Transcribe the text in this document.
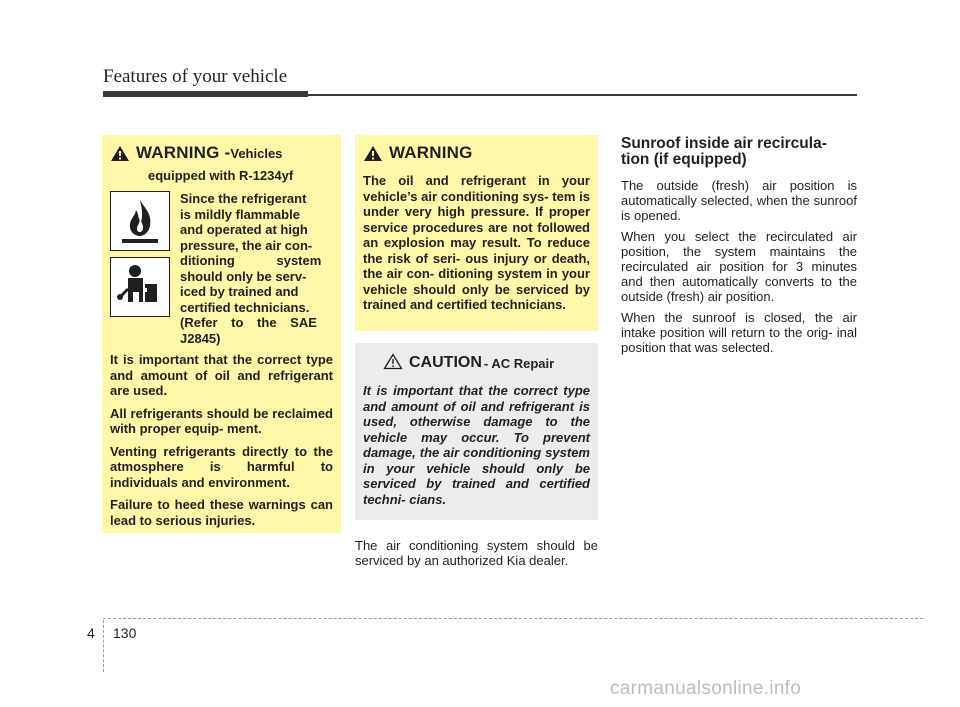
Features of your vehicle
WARNING - Vehicles
equipped with R-1234yf
Since the refrigerant
is mildly flammable
and operated at high
pressure, the air con-
ditioning system
should only be serv-
iced by trained and
certified technicians.
(Refer to the SAE
J2845)

It is important that the correct type and amount of oil and refrigerant are used.

All refrigerants should be reclaimed with proper equip- ment.

Venting refrigerants directly to the atmosphere is harmful to individuals and environment.

Failure to heed these warnings can lead to serious injuries.

WARNING

The oil and refrigerant in your vehicle’s air conditioning sys- tem is under very high pressure. If proper service procedures are not followed an explosion may result. To reduce the risk of seri- ous injury or death, the air con- ditioning system in your vehicle should only be serviced by trained and certified technicians.

CAUTION - AC Repair

It is important that the correct type and amount of oil and refrigerant is used, otherwise damage to the vehicle may occur. To prevent damage, the air conditioning system in your vehicle should only be serviced by trained and certified techni- cians.

The air conditioning system should be serviced by an authorized Kia dealer.
Sunroof inside air recircula- tion (if equipped)

The outside (fresh) air position is automatically selected, when the sunroof is opened.

When you select the recirculated air position, the system maintains the recirculated air position for 3 minutes and then automatically converts to the outside (fresh) air position.

When the sunroof is closed, the air intake position will return to the orig- inal position that was selected.

4 130
carmanualsonline.info
